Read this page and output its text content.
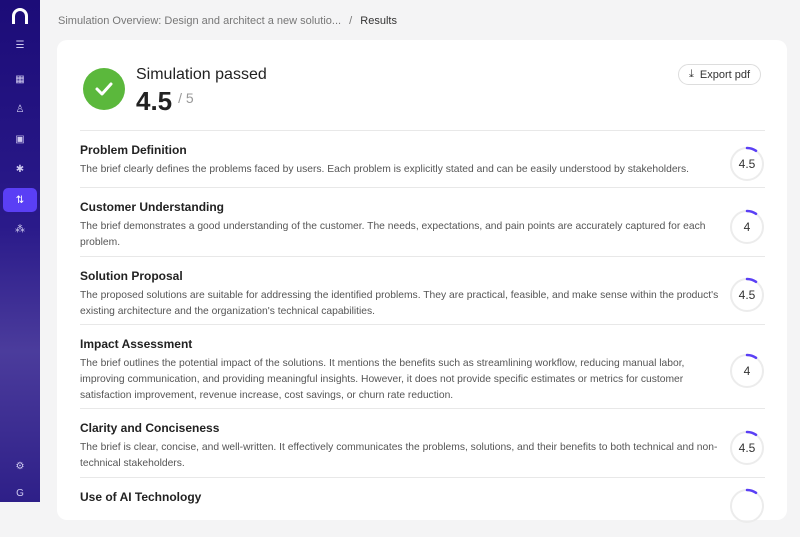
☰
▦
♙
▣
✱
⇅
⁂
⚙
G
Simulation Overview: Design and architect a new solutio... / Results
Simulation passed
4.5 $^{/ 5}$
⤓ Export pdf
Problem Definition

The brief clearly defines the problems faced by users. Each problem is explicitly stated and can be easily understood by stakeholders.	4.5
Customer Understanding

The brief demonstrates a good understanding of the customer. The needs, expectations, and pain points are accurately captured for each problem.

4
Solution Proposal

The proposed solutions are suitable for addressing the identified problems. They are practical, feasible, and make sense within the product's existing architecture and the organization's technical capabilities.

4.5
Impact Assessment

The brief outlines the potential impact of the solutions. It mentions the benefits such as streamlining workflow, reducing manual labor, improving communication, and providing meaningful insights. However, it does not provide specific estimates or metrics for customer satisfaction improvement, revenue increase, cost savings, or churn rate reduction.

4
Clarity and Conciseness

The brief is clear, concise, and well-written. It effectively communicates the problems, solutions, and their benefits to both technical and non-technical stakeholders.

4.5
Use of AI Technology
